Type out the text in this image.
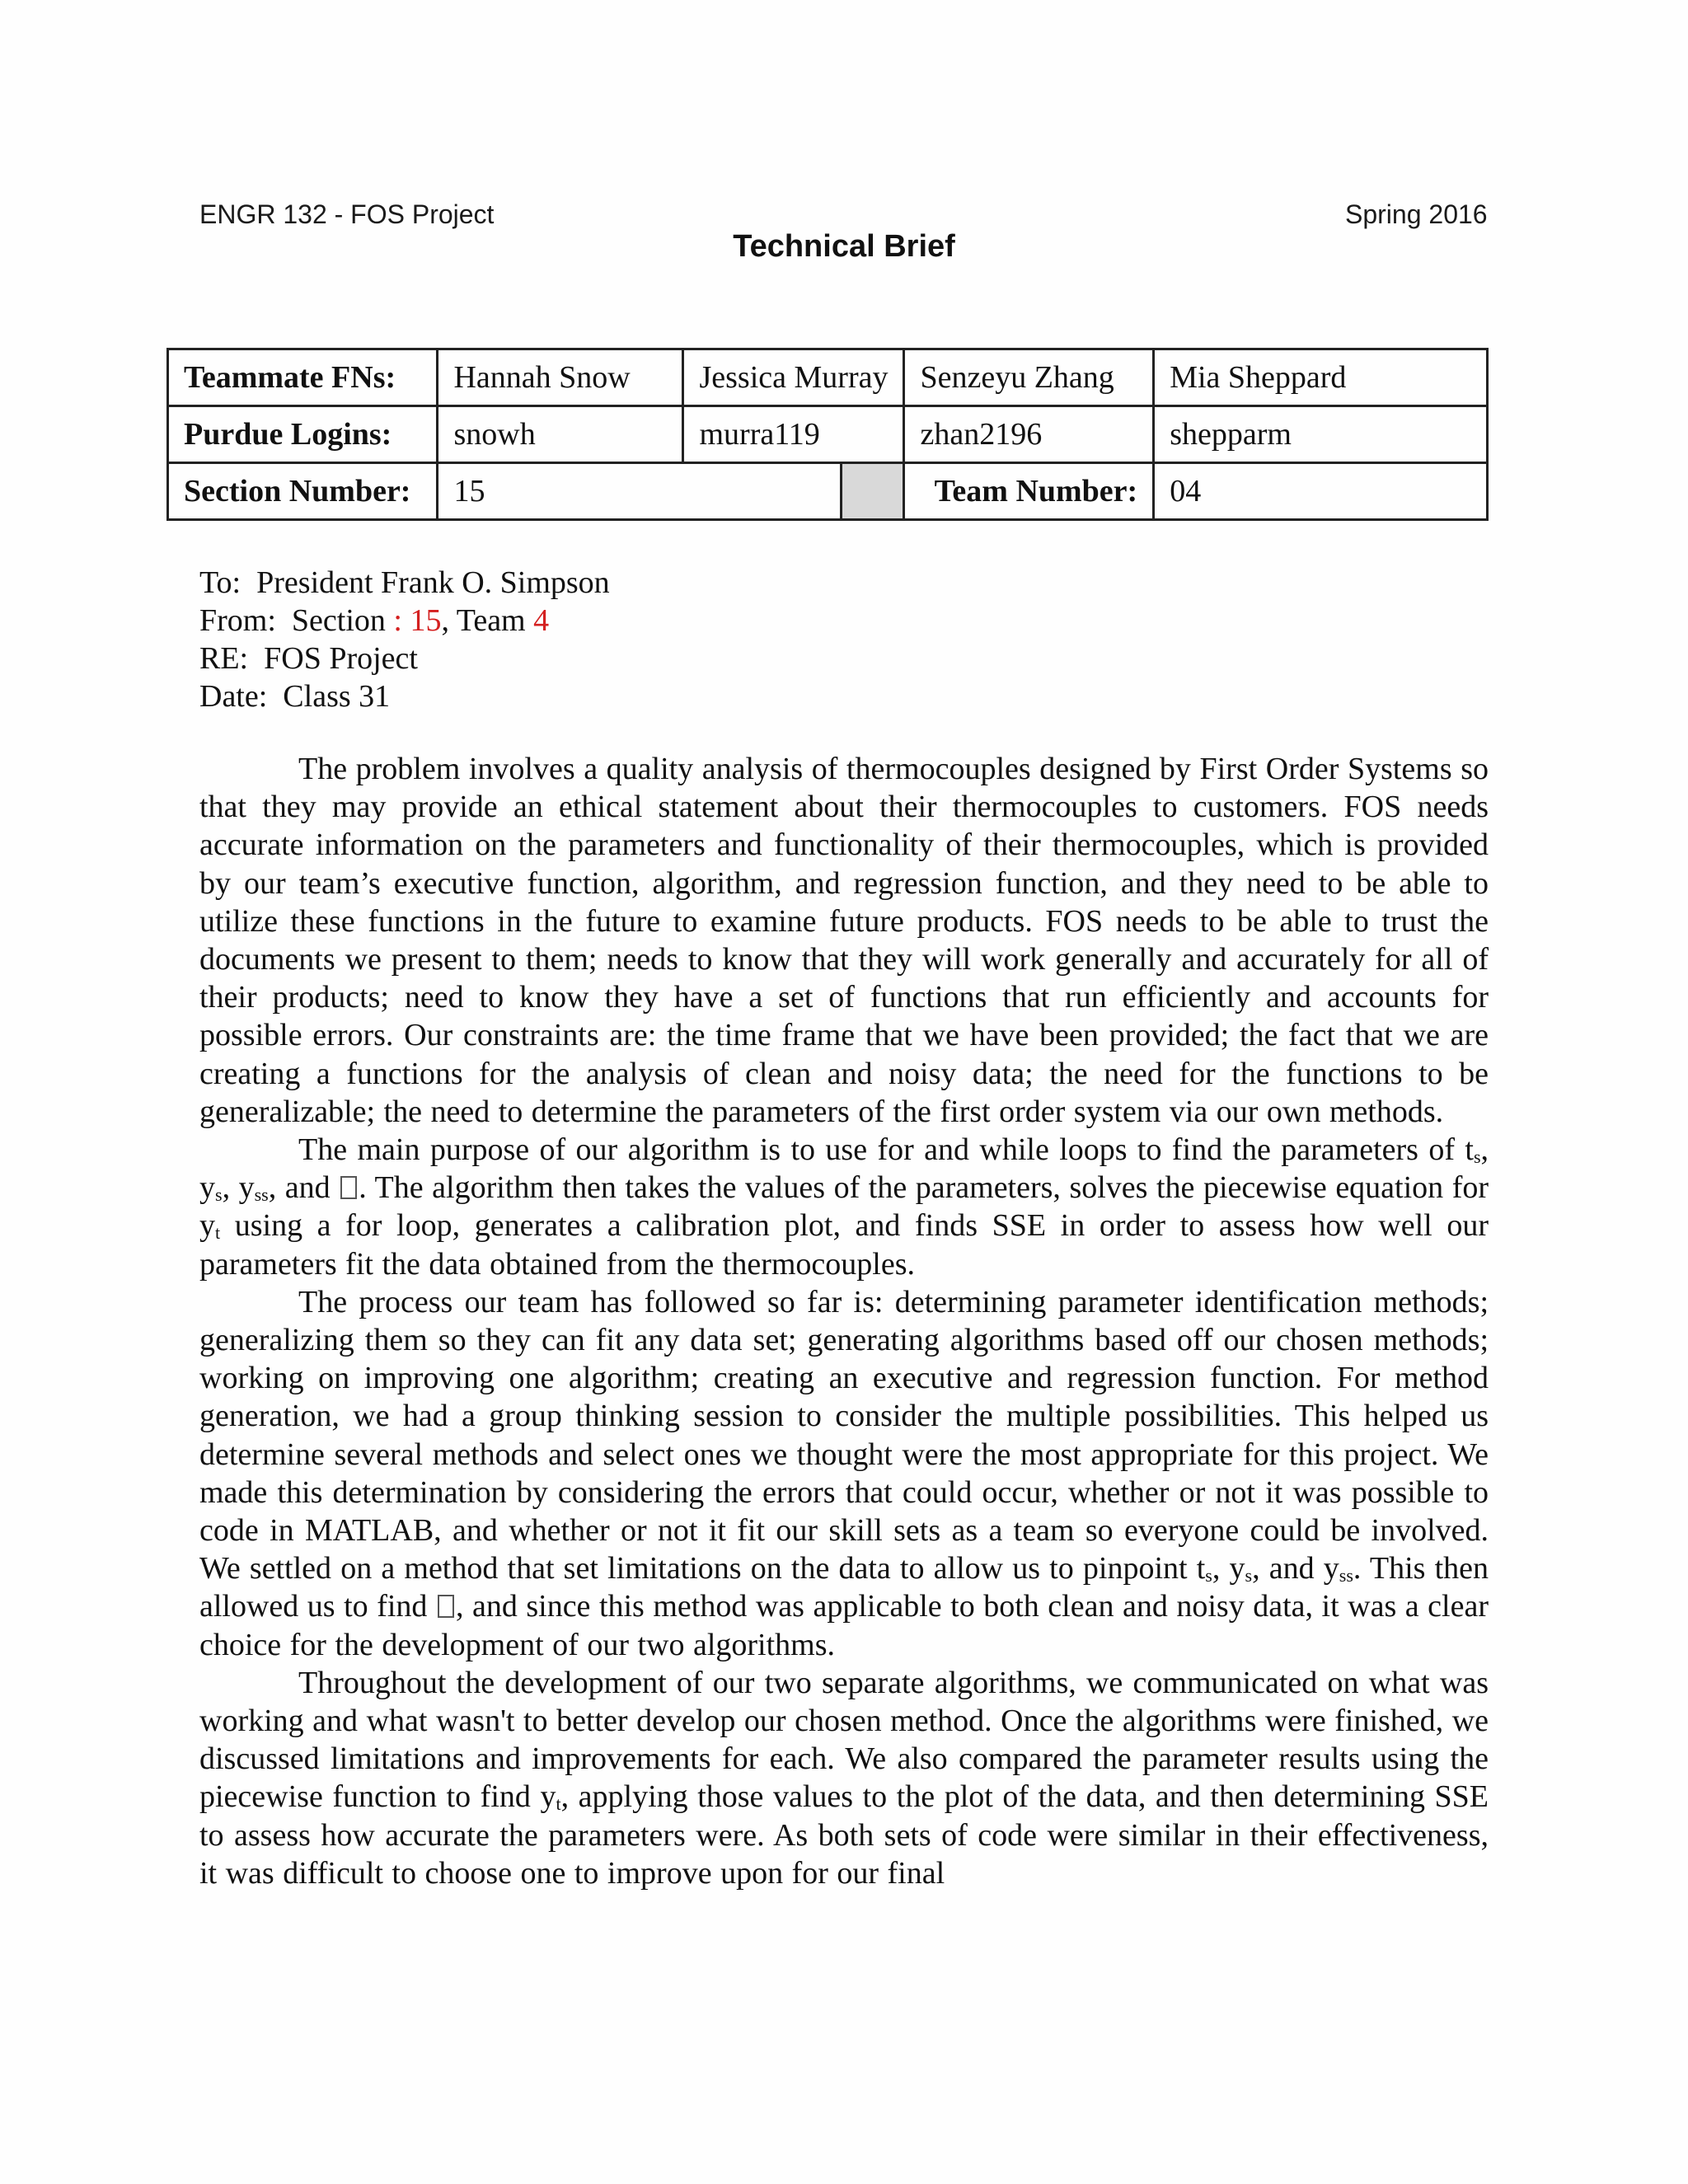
ENGR 132 - FOS Project	Spring 2016
Technical Brief
Teammate FNs:	Hannah Snow	Jessica Murray		Senzeyu Zhang	Mia Sheppard
Purdue Logins:	snowh	murra119		zhan2196	shepparm
Section Number:	15			Team Number:	04
To: President Frank O. Simpson
From: Section : 15, Team 4
RE: FOS Project
Date: Class 31

The problem involves a quality analysis of thermocouples designed by First Order Systems so that they may provide an ethical statement about their thermocouples to customers. FOS needs accurate information on the parameters and functionality of their thermocouples, which is provided by our team’s executive function, algorithm, and regression function, and they need to be able to utilize these functions in the future to examine future products. FOS needs to be able to trust the documents we present to them; needs to know that they will work generally and accurately for all of their products; need to know they have a set of functions that run efficiently and accounts for possible errors. Our constraints are: the time frame that we have been provided; the fact that we are creating a functions for the analysis of clean and noisy data; the need for the functions to be generalizable; the need to determine the parameters of the first order system via our own methods.

The main purpose of our algorithm is to use for and while loops to find the parameters of $t_s$, $y_s$, $y_{ss}$, and . The algorithm then takes the values of the parameters, solves the piecewise equation for $y_t$ using a for loop, generates a calibration plot, and finds SSE in order to assess how well our parameters fit the data obtained from the thermocouples.

The process our team has followed so far is: determining parameter identification methods; generalizing them so they can fit any data set; generating algorithms based off our chosen methods; working on improving one algorithm; creating an executive and regression function. For method generation, we had a group thinking session to consider the multiple possibilities. This helped us determine several methods and select ones we thought were the most appropriate for this project. We made this determination by considering the errors that could occur, whether or not it was possible to code in MATLAB, and whether or not it fit our skill sets as a team so everyone could be involved. We settled on a method that set limitations on the data to allow us to pinpoint $t_s$, $y_s$, and $y_{ss}$. This then allowed us to find , and since this method was applicable to both clean and noisy data, it was a clear choice for the development of our two algorithms.

Throughout the development of our two separate algorithms, we communicated on what was working and what wasn't to better develop our chosen method. Once the algorithms were finished, we discussed limitations and improvements for each. We also compared the parameter results using the piecewise function to find $y_t$, applying those values to the plot of the data, and then determining SSE to assess how accurate the parameters were. As both sets of code were similar in their effectiveness, it was difficult to choose one to improve upon for our final
